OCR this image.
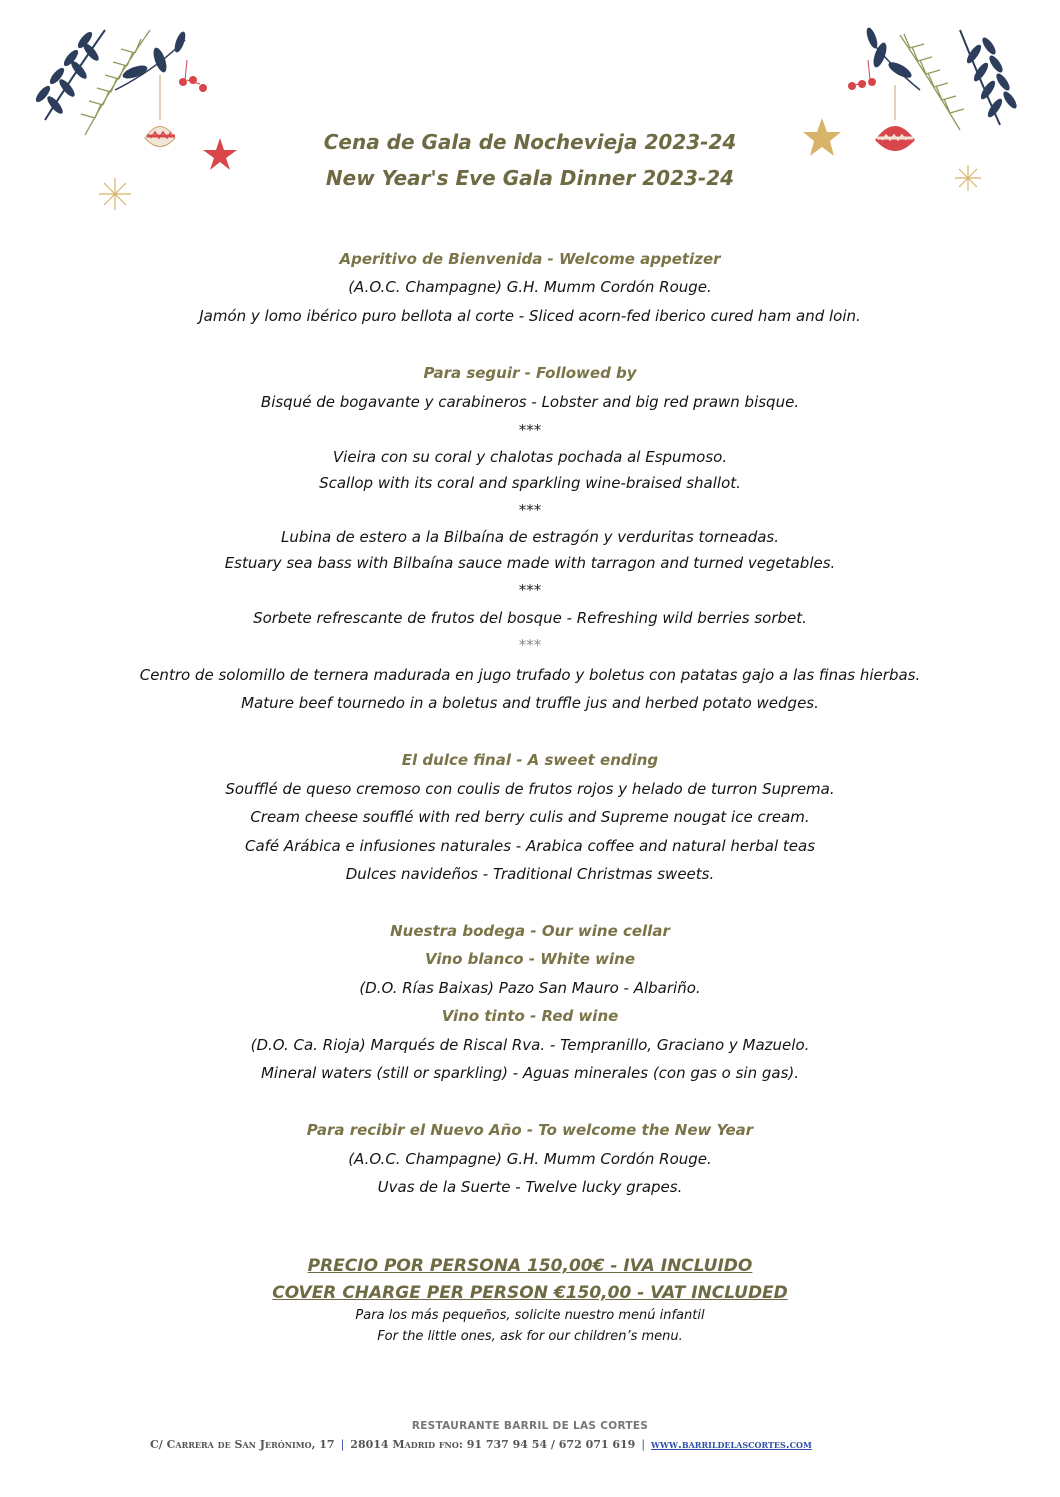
Cena de Gala de Nochevieja 2023-24
New Year's Eve Gala Dinner 2023-24
Aperitivo de Bienvenida - Welcome appetizer
(A.O.C. Champagne) G.H. Mumm Cordón Rouge.
Jamón y lomo ibérico puro bellota al corte - Sliced acorn-fed iberico cured ham and loin.
Para seguir - Followed by
Bisqué de bogavante y carabineros - Lobster and big red prawn bisque.
***
Vieira con su coral y chalotas pochada al Espumoso.
Scallop with its coral and sparkling wine-braised shallot.
***
Lubina de estero a la Bilbaína de estragón y verduritas torneadas.
Estuary sea bass with Bilbaína sauce made with tarragon and turned vegetables.
***
Sorbete refrescante de frutos del bosque - Refreshing wild berries sorbet.
***
Centro de solomillo de ternera madurada en jugo trufado y boletus con patatas gajo a las finas hierbas.
Mature beef tournedo in a boletus and truffle jus and herbed potato wedges.
El dulce final - A sweet ending
Soufflé de queso cremoso con coulis de frutos rojos y helado de turron Suprema.
Cream cheese soufflé with red berry culis and Supreme nougat ice cream.
Café Arábica e infusiones naturales - Arabica coffee and natural herbal teas
Dulces navideños - Traditional Christmas sweets.
Nuestra bodega - Our wine cellar
Vino blanco - White wine
(D.O. Rías Baixas) Pazo San Mauro - Albariño.
Vino tinto - Red wine
(D.O. Ca. Rioja) Marqués de Riscal Rva. - Tempranillo, Graciano y Mazuelo.
Mineral waters (still or sparkling) - Aguas minerales (con gas o sin gas).
Para recibir el Nuevo Año - To welcome the New Year
(A.O.C. Champagne) G.H. Mumm Cordón Rouge.
Uvas de la Suerte - Twelve lucky grapes.
PRECIO POR PERSONA 150,00€ - IVA INCLUIDO
COVER CHARGE PER PERSON €150,00 - VAT INCLUDED
Para los más pequeños, solicite nuestro menú infantil
For the little ones, ask for our children’s menu.
RESTAURANTE BARRIL DE LAS CORTES
C/ Carrera de San Jerónimo, 17 | 28014 Madrid fno: 91 737 94 54 / 672 071 619 | www.barrildelascortes.com
